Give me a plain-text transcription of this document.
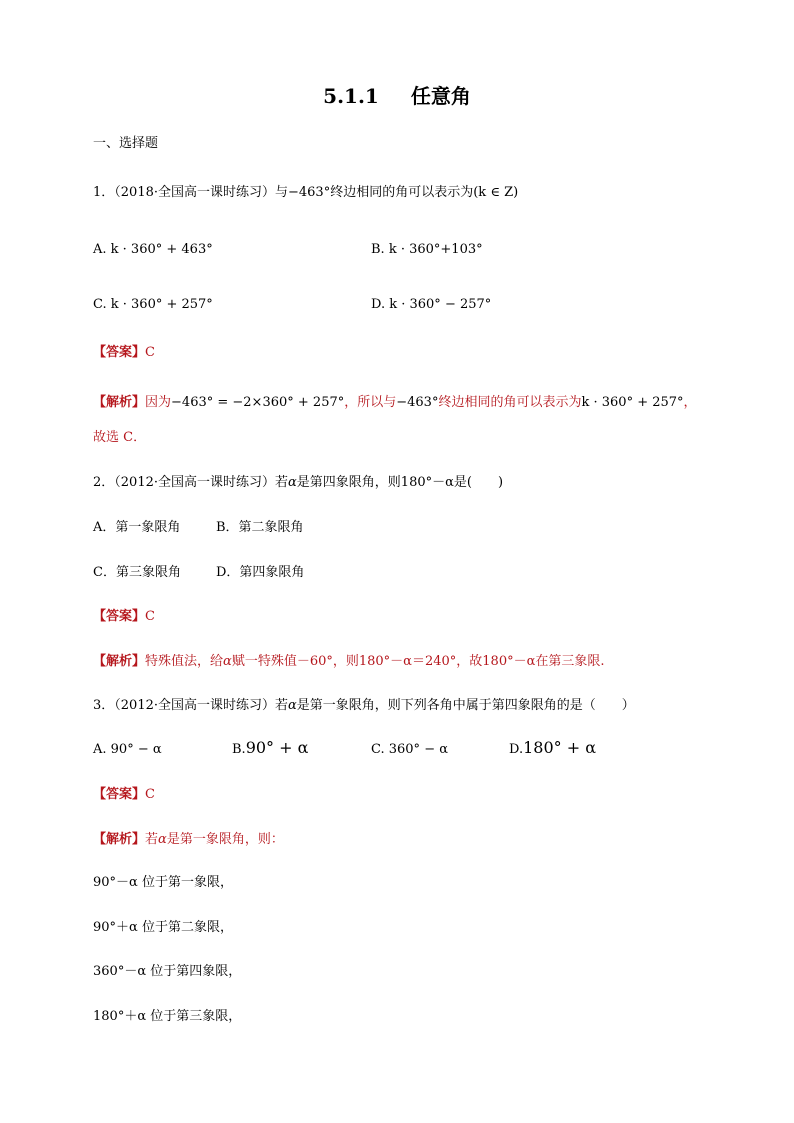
5.1.1 任意角
一、选择题
1．（2018·全国高一课时练习）与−463°终边相同的角可以表示为(k ∈ Z)
A. k · 360° + 463°	B. k · 360°+103°
C. k · 360° + 257°	D. k · 360° − 257°
【答案】C
【解析】因为−463° = −2×360° + 257°，所以与−463°终边相同的角可以表示为k · 360° + 257°，
故选 C．
2．（2012·全国高一课时练习）若α是第四象限角，则180°－α是(　　)
A．第一象限角	B．第二象限角
C．第三象限角	D．第四象限角
【答案】C
【解析】特殊值法，给α赋一特殊值－60°，则180°－α＝240°，故180°－α在第三象限.
3．（2012·全国高一课时练习）若α是第一象限角，则下列各角中属于第四象限角的是（　　）
A. 90° − α	B.90° + α	C. 360° − α	D.180° + α
【答案】C
【解析】若α是第一象限角，则：
90°－α 位于第一象限，
90°＋α 位于第二象限，
360°－α 位于第四象限，
180°＋α 位于第三象限，
